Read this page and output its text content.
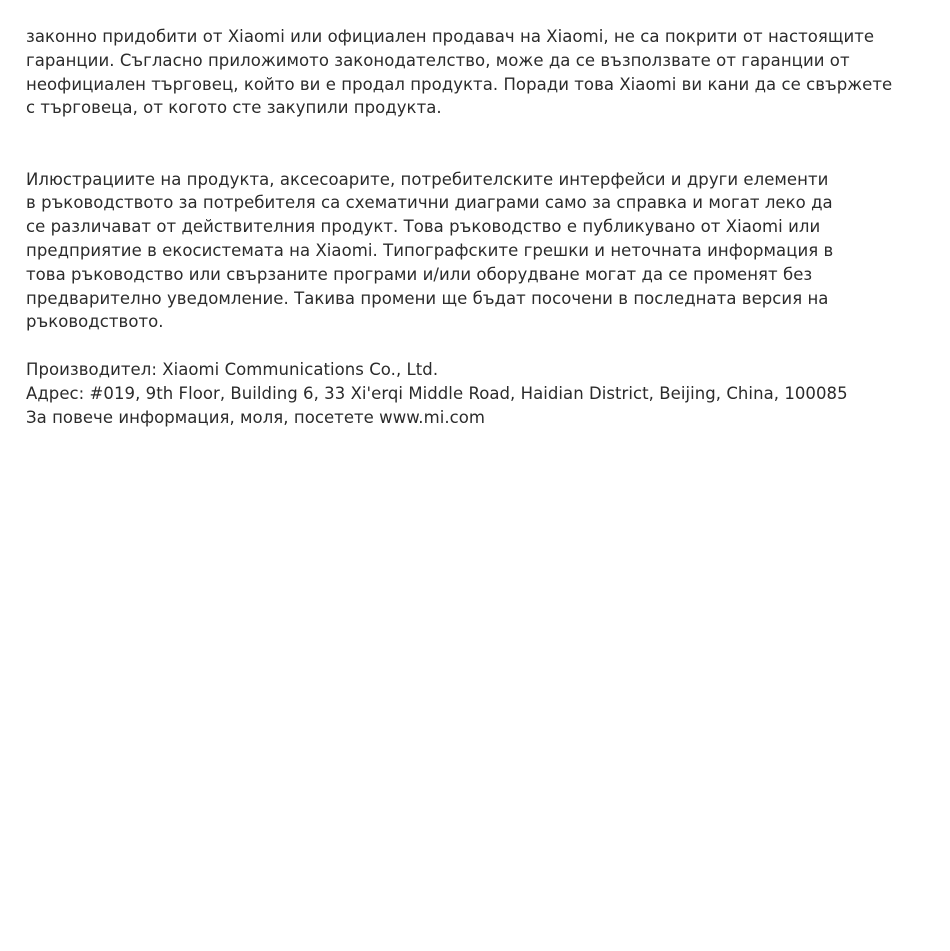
законно придобити от Xiaomi или официален продавач на Xiaomi, не са покрити от настоящите
гаранции. Съгласно приложимото законодателство, може да се възползвате от гаранции от
неофициален търговец, който ви е продал продукта. Поради това Xiaomi ви кани да се свържете
с търговеца, от когото сте закупили продукта.

Илюстрациите на продукта, аксесоарите, потребителските интерфейси и други елементи
в ръководството за потребителя са схематични диаграми само за справка и могат леко да
се различават от действителния продукт. Това ръководство е публикувано от Xiaomi или
предприятие в екосистемата на Xiaomi. Типографските грешки и неточната информация в
това ръководство или свързаните програми и/или оборудване могат да се променят без
предварително уведомление. Такива промени ще бъдат посочени в последната версия на
ръководството.

Производител: Xiaomi Communications Co., Ltd.
Адрес: #019, 9th Floor, Building 6, 33 Xi'erqi Middle Road, Haidian District, Beijing, China, 100085
За повече информация, моля, посетете www.mi.com
